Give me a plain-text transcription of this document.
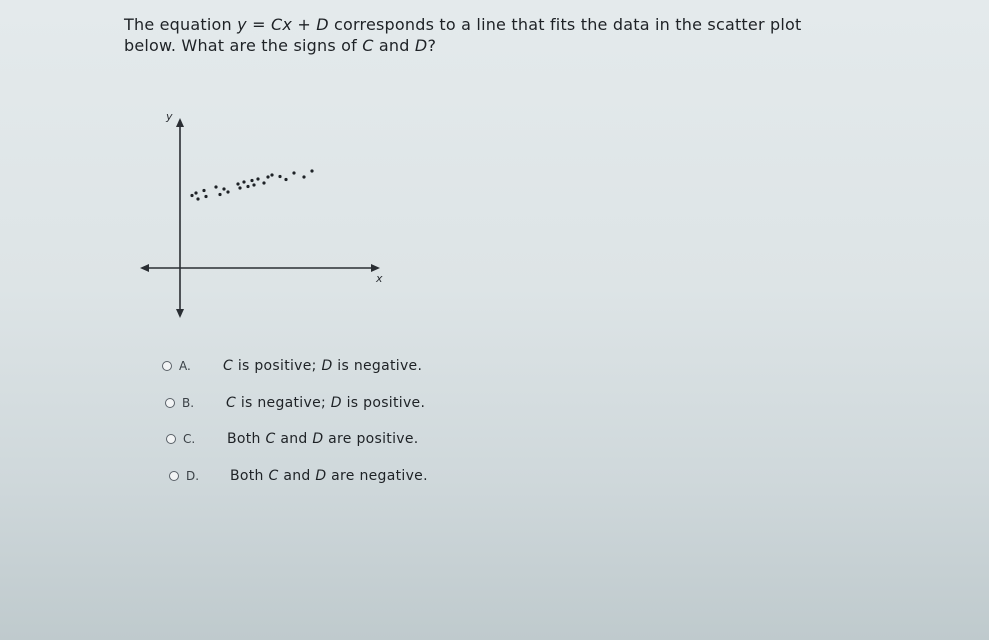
The equation y = Cx + D corresponds to a line that fits the data in the scatter plot
below. What are the signs of C and D?
x
y
A.	C is positive; D is negative.
B.	C is negative; D is positive.
C.	Both C and D are positive.
D.	Both C and D are negative.
